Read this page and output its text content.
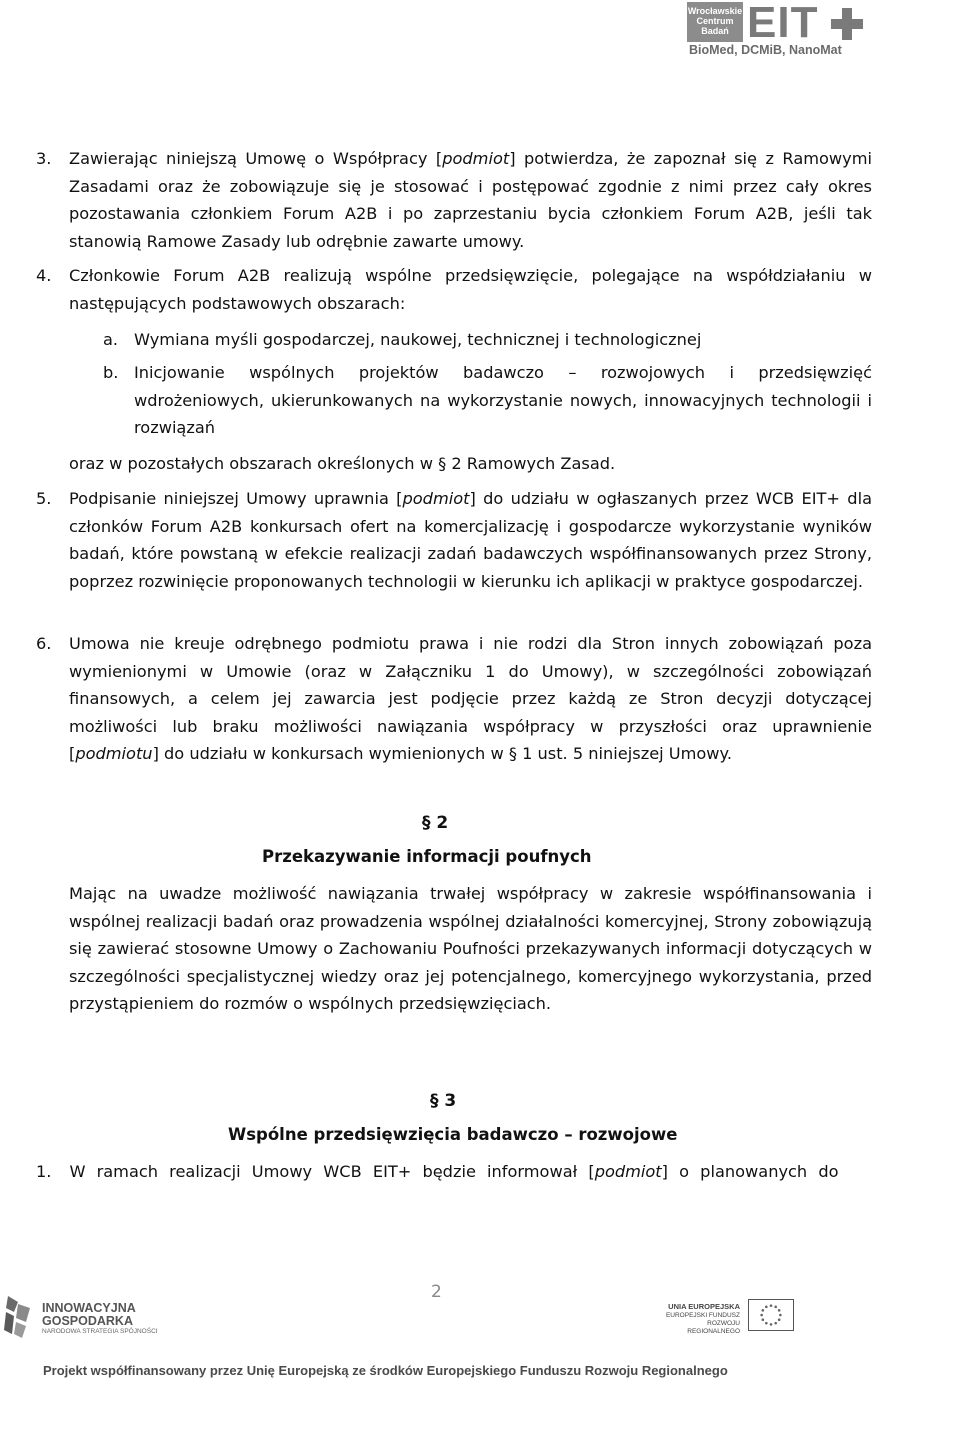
Wrocławskie Centrum Badań EIT
BioMed, DCMiB, NanoMat

3. Zawierając niniejszą Umowę o Współpracy [podmiot] potwierdza, że zapoznał się z Ramowymi Zasadami oraz że zobowiązuje się je stosować i postępować zgodnie z nimi przez cały okres pozostawania członkiem Forum A2B i po zaprzestaniu bycia członkiem Forum A2B, jeśli tak stanowią Ramowe Zasady lub odrębnie zawarte umowy.

4. Członkowie Forum A2B realizują wspólne przedsięwzięcie, polegające na współdziałaniu w następujących podstawowych obszarach:

a. Wymiana myśli gospodarczej, naukowej, technicznej i technologicznej

b. Inicjowanie wspólnych projektów badawczo – rozwojowych i przedsięwzięć wdrożeniowych, ukierunkowanych na wykorzystanie nowych, innowacyjnych technologii i rozwiązań

oraz w pozostałych obszarach określonych w § 2 Ramowych Zasad.

5. Podpisanie niniejszej Umowy uprawnia [podmiot] do udziału w ogłaszanych przez WCB EIT+ dla członków Forum A2B konkursach ofert na komercjalizację i gospodarcze wykorzystanie wyników badań, które powstaną w efekcie realizacji zadań badawczych współfinansowanych przez Strony, poprzez rozwinięcie proponowanych technologii w kierunku ich aplikacji w praktyce gospodarczej.

6. Umowa nie kreuje odrębnego podmiotu prawa i nie rodzi dla Stron innych zobowiązań poza wymienionymi w Umowie (oraz w Załączniku 1 do Umowy), w szczególności zobowiązań finansowych, a celem jej zawarcia jest podjęcie przez każdą ze Stron decyzji dotyczącej możliwości lub braku możliwości nawiązania współpracy w przyszłości oraz uprawnienie [podmiotu] do udziału w konkursach wymienionych w § 1 ust. 5 niniejszej Umowy.

§ 2
Przekazywanie informacji poufnych

Mając na uwadze możliwość nawiązania trwałej współpracy w zakresie współfinansowania i wspólnej realizacji badań oraz prowadzenia wspólnej działalności komercyjnej, Strony zobowiązują się zawierać stosowne Umowy o Zachowaniu Poufności przekazywanych informacji dotyczących w szczególności specjalistycznej wiedzy oraz jej potencjalnego, komercyjnego wykorzystania, przed przystąpieniem do rozmów o wspólnych przedsięwzięciach.

§ 3
Wspólne przedsięwzięcia badawczo – rozwojowe

1. W ramach realizacji Umowy WCB EIT+ będzie informował [podmiot] o planowanych do

2
INNOWACYJNA
GOSPODARKA
NARODOWA STRATEGIA SPÓJNOŚCI
UNIA EUROPEJSKA
EUROPEJSKI FUNDUSZ
ROZWOJU REGIONALNEGO
Projekt współfinansowany przez Unię Europejską ze środków Europejskiego Funduszu Rozwoju Regionalnego
